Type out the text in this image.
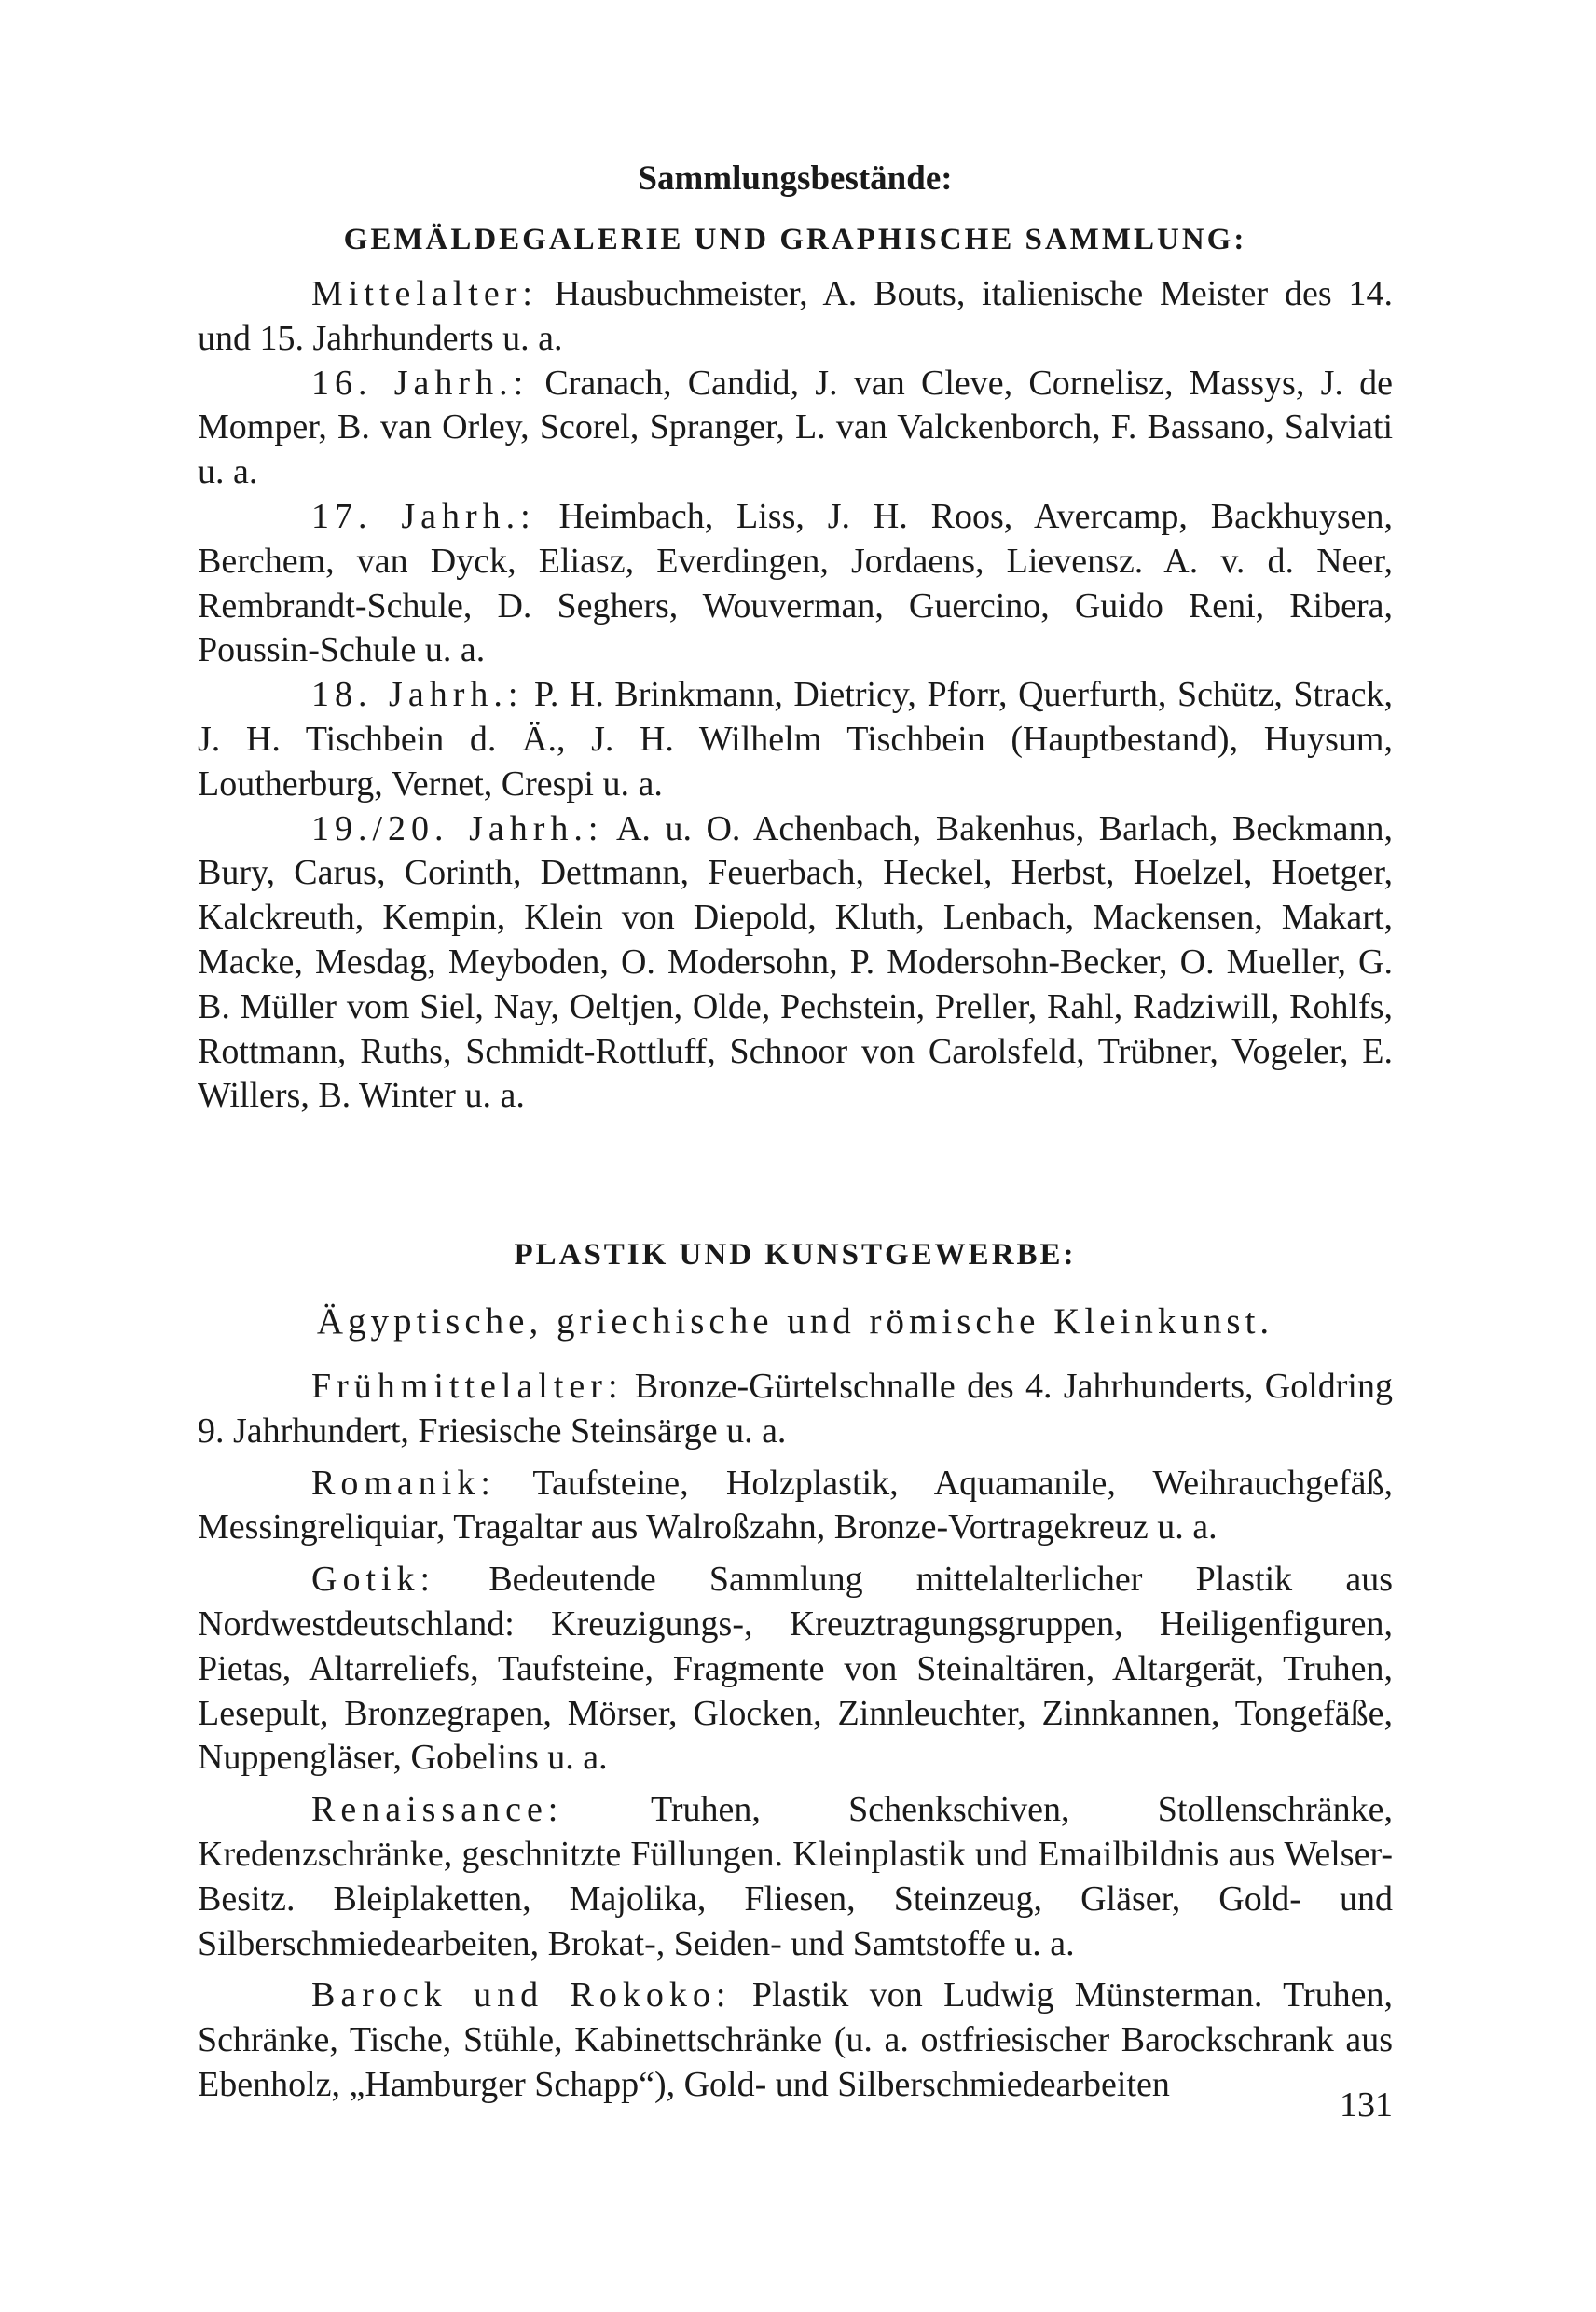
Sammlungsbestände:
GEMÄLDEGALERIE UND GRAPHISCHE SAMMLUNG:

Mittelalter: Hausbuchmeister, A. Bouts, italienische Meister des 14. und 15. Jahrhunderts u. a.

16. Jahrh.: Cranach, Candid, J. van Cleve, Cornelisz, Massys, J. de Momper, B. van Orley, Scorel, Spranger, L. van Valckenborch, F. Bassano, Salviati u. a.

17. Jahrh.: Heimbach, Liss, J. H. Roos, Avercamp, Backhuysen, Berchem, van Dyck, Eliasz, Everdingen, Jordaens, Lievensz. A. v. d. Neer, Rembrandt-Schule, D. Seghers, Wouverman, Guercino, Guido Reni, Ribera, Poussin-Schule u. a.

18. Jahrh.: P. H. Brinkmann, Dietricy, Pforr, Querfurth, Schütz, Strack, J. H. Tischbein d. Ä., J. H. Wilhelm Tischbein (Hauptbestand), Huysum, Loutherburg, Vernet, Crespi u. a.

19./20. Jahrh.: A. u. O. Achenbach, Bakenhus, Barlach, Beckmann, Bury, Carus, Corinth, Dettmann, Feuerbach, Heckel, Herbst, Hoelzel, Hoetger, Kalckreuth, Kempin, Klein von Diepold, Kluth, Lenbach, Mackensen, Makart, Macke, Mesdag, Meyboden, O. Modersohn, P. Modersohn-Becker, O. Mueller, G. B. Müller vom Siel, Nay, Oeltjen, Olde, Pechstein, Preller, Rahl, Radziwill, Rohlfs, Rottmann, Ruths, Schmidt-Rottluff, Schnoor von Carolsfeld, Trübner, Vogeler, E. Willers, B. Winter u. a.

PLASTIK UND KUNSTGEWERBE:

Ägyptische, griechische und römische Kleinkunst.

Frühmittelalter: Bronze-Gürtelschnalle des 4. Jahrhunderts, Goldring 9. Jahrhundert, Friesische Steinsärge u. a.

Romanik: Taufsteine, Holzplastik, Aquamanile, Weihrauchgefäß, Messingreliquiar, Tragaltar aus Walroßzahn, Bronze-Vortragekreuz u. a.

Gotik: Bedeutende Sammlung mittelalterlicher Plastik aus Nordwestdeutschland: Kreuzigungs-, Kreuztragungsgruppen, Heiligenfiguren, Pietas, Altarreliefs, Taufsteine, Fragmente von Steinaltären, Altargerät, Truhen, Lesepult, Bronzegrapen, Mörser, Glocken, Zinnleuchter, Zinnkannen, Tongefäße, Nuppengläser, Gobelins u. a.

Renaissance: Truhen, Schenkschiven, Stollenschränke, Kredenzschränke, geschnitzte Füllungen. Kleinplastik und Emailbildnis aus Welser-Besitz. Bleiplaketten, Majolika, Fliesen, Steinzeug, Gläser, Gold- und Silberschmiedearbeiten, Brokat-, Seiden- und Samtstoffe u. a.

Barock und Rokoko: Plastik von Ludwig Münsterman. Truhen, Schränke, Tische, Stühle, Kabinettschränke (u. a. ostfriesischer Barockschrank aus Ebenholz, „Hamburger Schapp“), Gold- und Silberschmiedearbeiten

131
